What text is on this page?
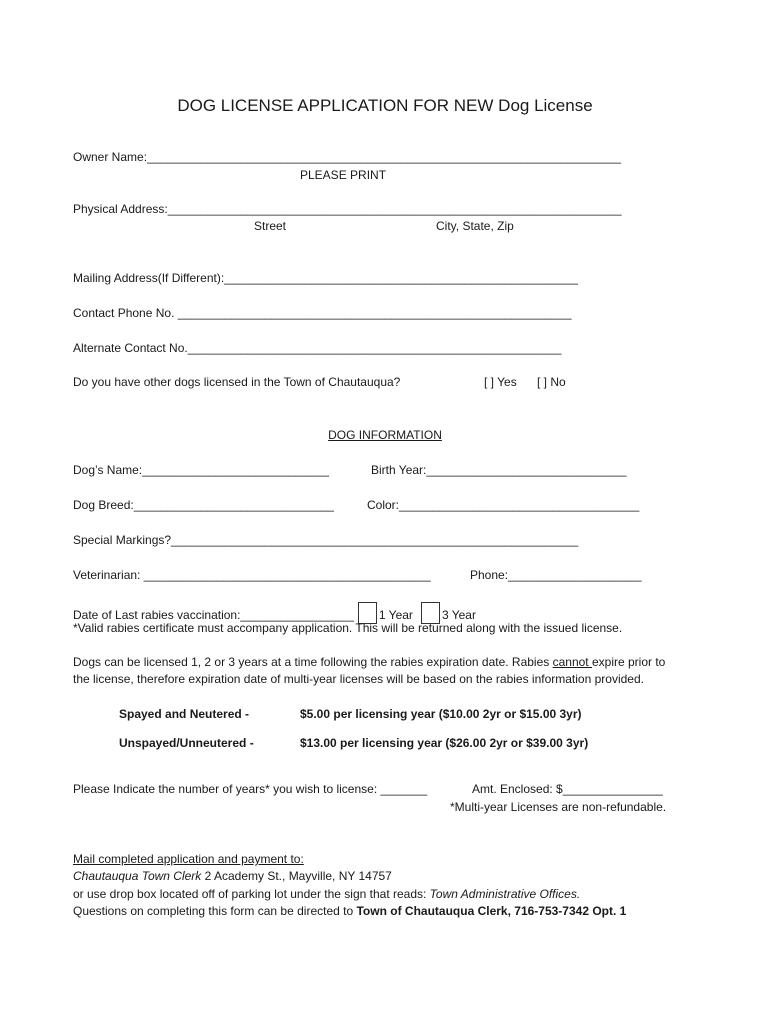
DOG LICENSE APPLICATION FOR NEW Dog License
Owner Name:_______________________________________________________________________
PLEASE PRINT
Physical Address:____________________________________________________________________
Street	City, State, Zip
Mailing Address(If Different):_____________________________________________________
Contact Phone No. ___________________________________________________________
Alternate Contact No.________________________________________________________
Do you have other dogs licensed in the Town of Chautauqua?	[ ] Yes [ ] No
DOG INFORMATION
Dog’s Name:____________________________	Birth Year:______________________________
Dog Breed:______________________________	Color:____________________________________
Special Markings?_____________________________________________________________
Veterinarian: ___________________________________________	Phone:____________________
Date of Last rabies vaccination:_________________ 1 Year 3 Year
*Valid rabies certificate must accompany application. This will be returned along with the issued license.
Dogs can be licensed 1, 2 or 3 years at a time following the rabies expiration date. Rabies cannot expire prior to
the license, therefore expiration date of multi-year licenses will be based on the rabies information provided.
Spayed and Neutered -	$5.00 per licensing year ($10.00 2yr or $15.00 3yr)
Unspayed/Unneutered -	$13.00 per licensing year ($26.00 2yr or $39.00 3yr)
Please Indicate the number of years* you wish to license: _______	Amt. Enclosed: $_______________
*Multi-year Licenses are non-refundable.
Mail completed application and payment to:
Chautauqua Town Clerk 2 Academy St., Mayville, NY 14757
or use drop box located off of parking lot under the sign that reads: Town Administrative Offices.
Questions on completing this form can be directed to Town of Chautauqua Clerk, 716-753-7342 Opt. 1
